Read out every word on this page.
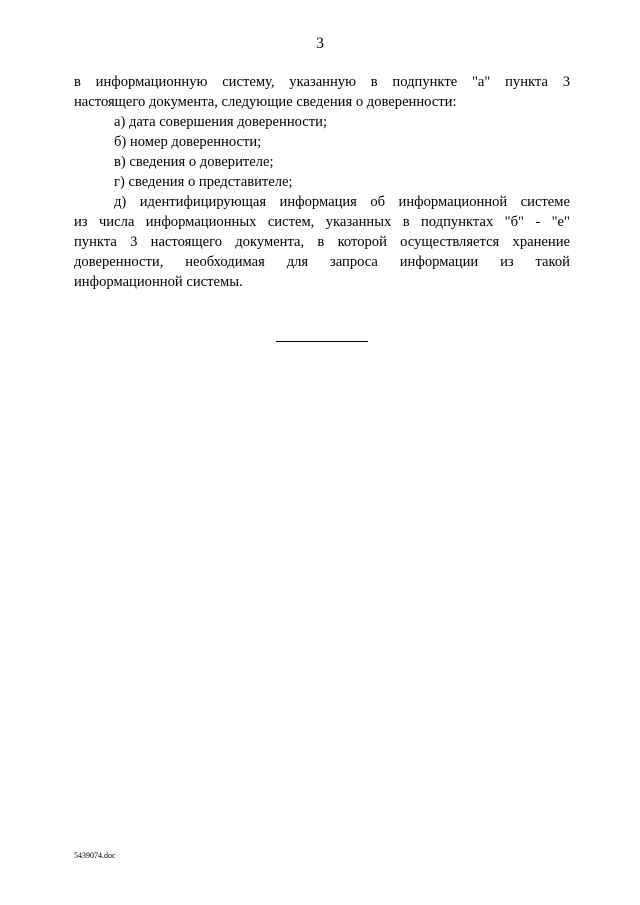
3

в информационную систему, указанную в подпункте "а" пункта 3

настоящего документа, следующие сведения о доверенности:

а) дата совершения доверенности;

б) номер доверенности;

в) сведения о доверителе;

г) сведения о представителе;

д) идентифицирующая информация об информационной системе

из числа информационных систем, указанных в подпунктах "б" - "е"

пункта 3 настоящего документа, в которой осуществляется хранение

доверенности, необходимая для запроса информации из такой

информационной системы.

5439074.doc
